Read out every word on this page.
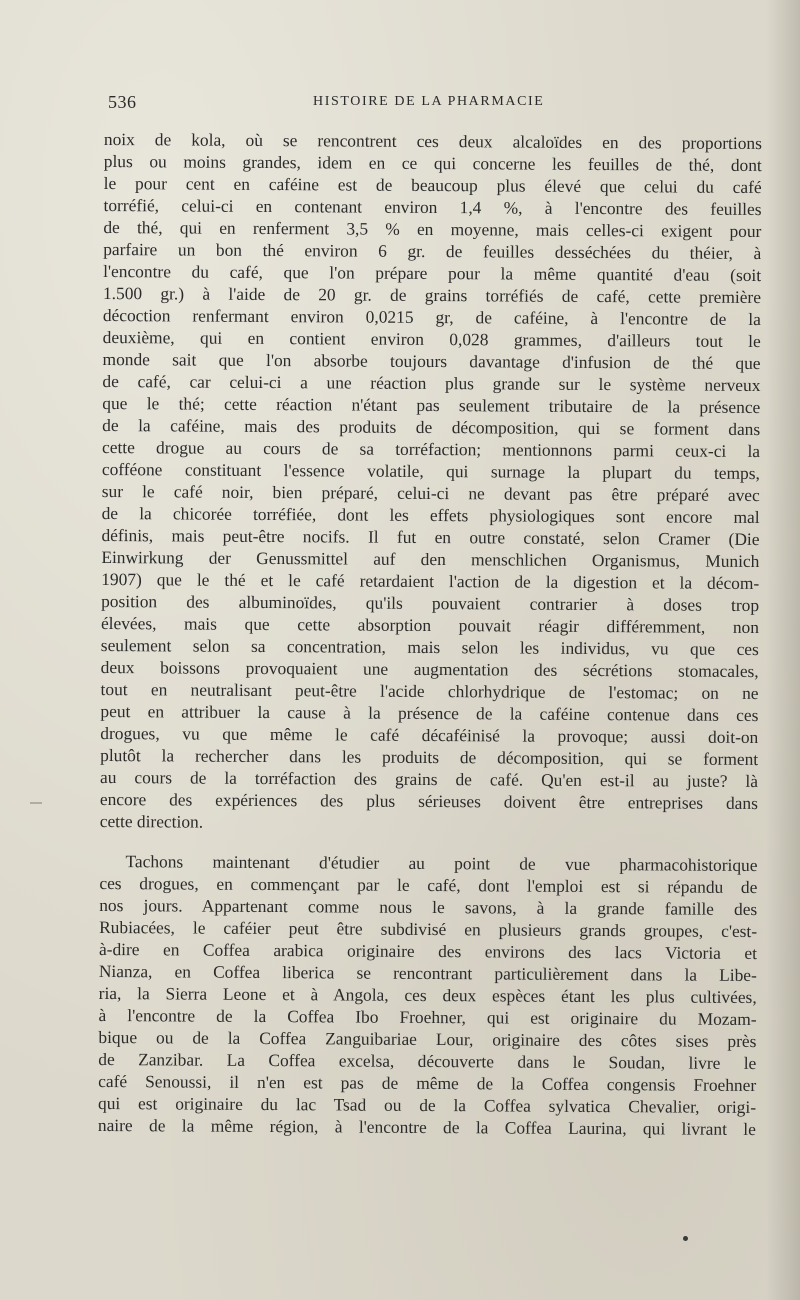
536	HISTOIRE DE LA PHARMACIE

noix de kola, où se rencontrent ces deux alcaloïdes en des proportions
plus ou moins grandes, idem en ce qui concerne les feuilles de thé, dont
le pour cent en caféine est de beaucoup plus élevé que celui du café
torréfié, celui-ci en contenant environ 1,4 %, à l'encontre des feuilles
de thé, qui en renferment 3,5 % en moyenne, mais celles-ci exigent pour
parfaire un bon thé environ 6 gr. de feuilles desséchées du théier, à
l'encontre du café, que l'on prépare pour la même quantité d'eau (soit
1.500 gr.) à l'aide de 20 gr. de grains torréfiés de café, cette première
décoction renfermant environ 0,0215 gr, de caféine, à l'encontre de la
deuxième, qui en contient environ 0,028 grammes, d'ailleurs tout le
monde sait que l'on absorbe toujours davantage d'infusion de thé que
de café, car celui-ci a une réaction plus grande sur le système nerveux
que le thé; cette réaction n'étant pas seulement tributaire de la présence
de la caféine, mais des produits de décomposition, qui se forment dans
cette drogue au cours de sa torréfaction; mentionnons parmi ceux-ci la
cofféone constituant l'essence volatile, qui surnage la plupart du temps,
sur le café noir, bien préparé, celui-ci ne devant pas être préparé avec
de la chicorée torréfiée, dont les effets physiologiques sont encore mal
définis, mais peut-être nocifs. Il fut en outre constaté, selon Cramer (Die
Einwirkung der Genussmittel auf den menschlichen Organismus, Munich
1907) que le thé et le café retardaient l'action de la digestion et la décom-
position des albuminoïdes, qu'ils pouvaient contrarier à doses trop
élevées, mais que cette absorption pouvait réagir différemment, non
seulement selon sa concentration, mais selon les individus, vu que ces
deux boissons provoquaient une augmentation des sécrétions stomacales,
tout en neutralisant peut-être l'acide chlorhydrique de l'estomac; on ne
peut en attribuer la cause à la présence de la caféine contenue dans ces
drogues, vu que même le café décaféinisé la provoque; aussi doit-on
plutôt la rechercher dans les produits de décomposition, qui se forment
au cours de la torréfaction des grains de café. Qu'en est-il au juste? là
encore des expériences des plus sérieuses doivent être entreprises dans
cette direction.

Tachons maintenant d'étudier au point de vue pharmacohistorique
ces drogues, en commençant par le café, dont l'emploi est si répandu de
nos jours. Appartenant comme nous le savons, à la grande famille des
Rubiacées, le caféier peut être subdivisé en plusieurs grands groupes, c'est-
à-dire en Coffea arabica originaire des environs des lacs Victoria et
Nianza, en Coffea liberica se rencontrant particulièrement dans la Libe-
ria, la Sierra Leone et à Angola, ces deux espèces étant les plus cultivées,
à l'encontre de la Coffea Ibo Froehner, qui est originaire du Mozam-
bique ou de la Coffea Zanguibariae Lour, originaire des côtes sises près
de Zanzibar. La Coffea excelsa, découverte dans le Soudan, livre le
café Senoussi, il n'en est pas de même de la Coffea congensis Froehner
qui est originaire du lac Tsad ou de la Coffea sylvatica Chevalier, origi-
naire de la même région, à l'encontre de la Coffea Laurina, qui livrant le
